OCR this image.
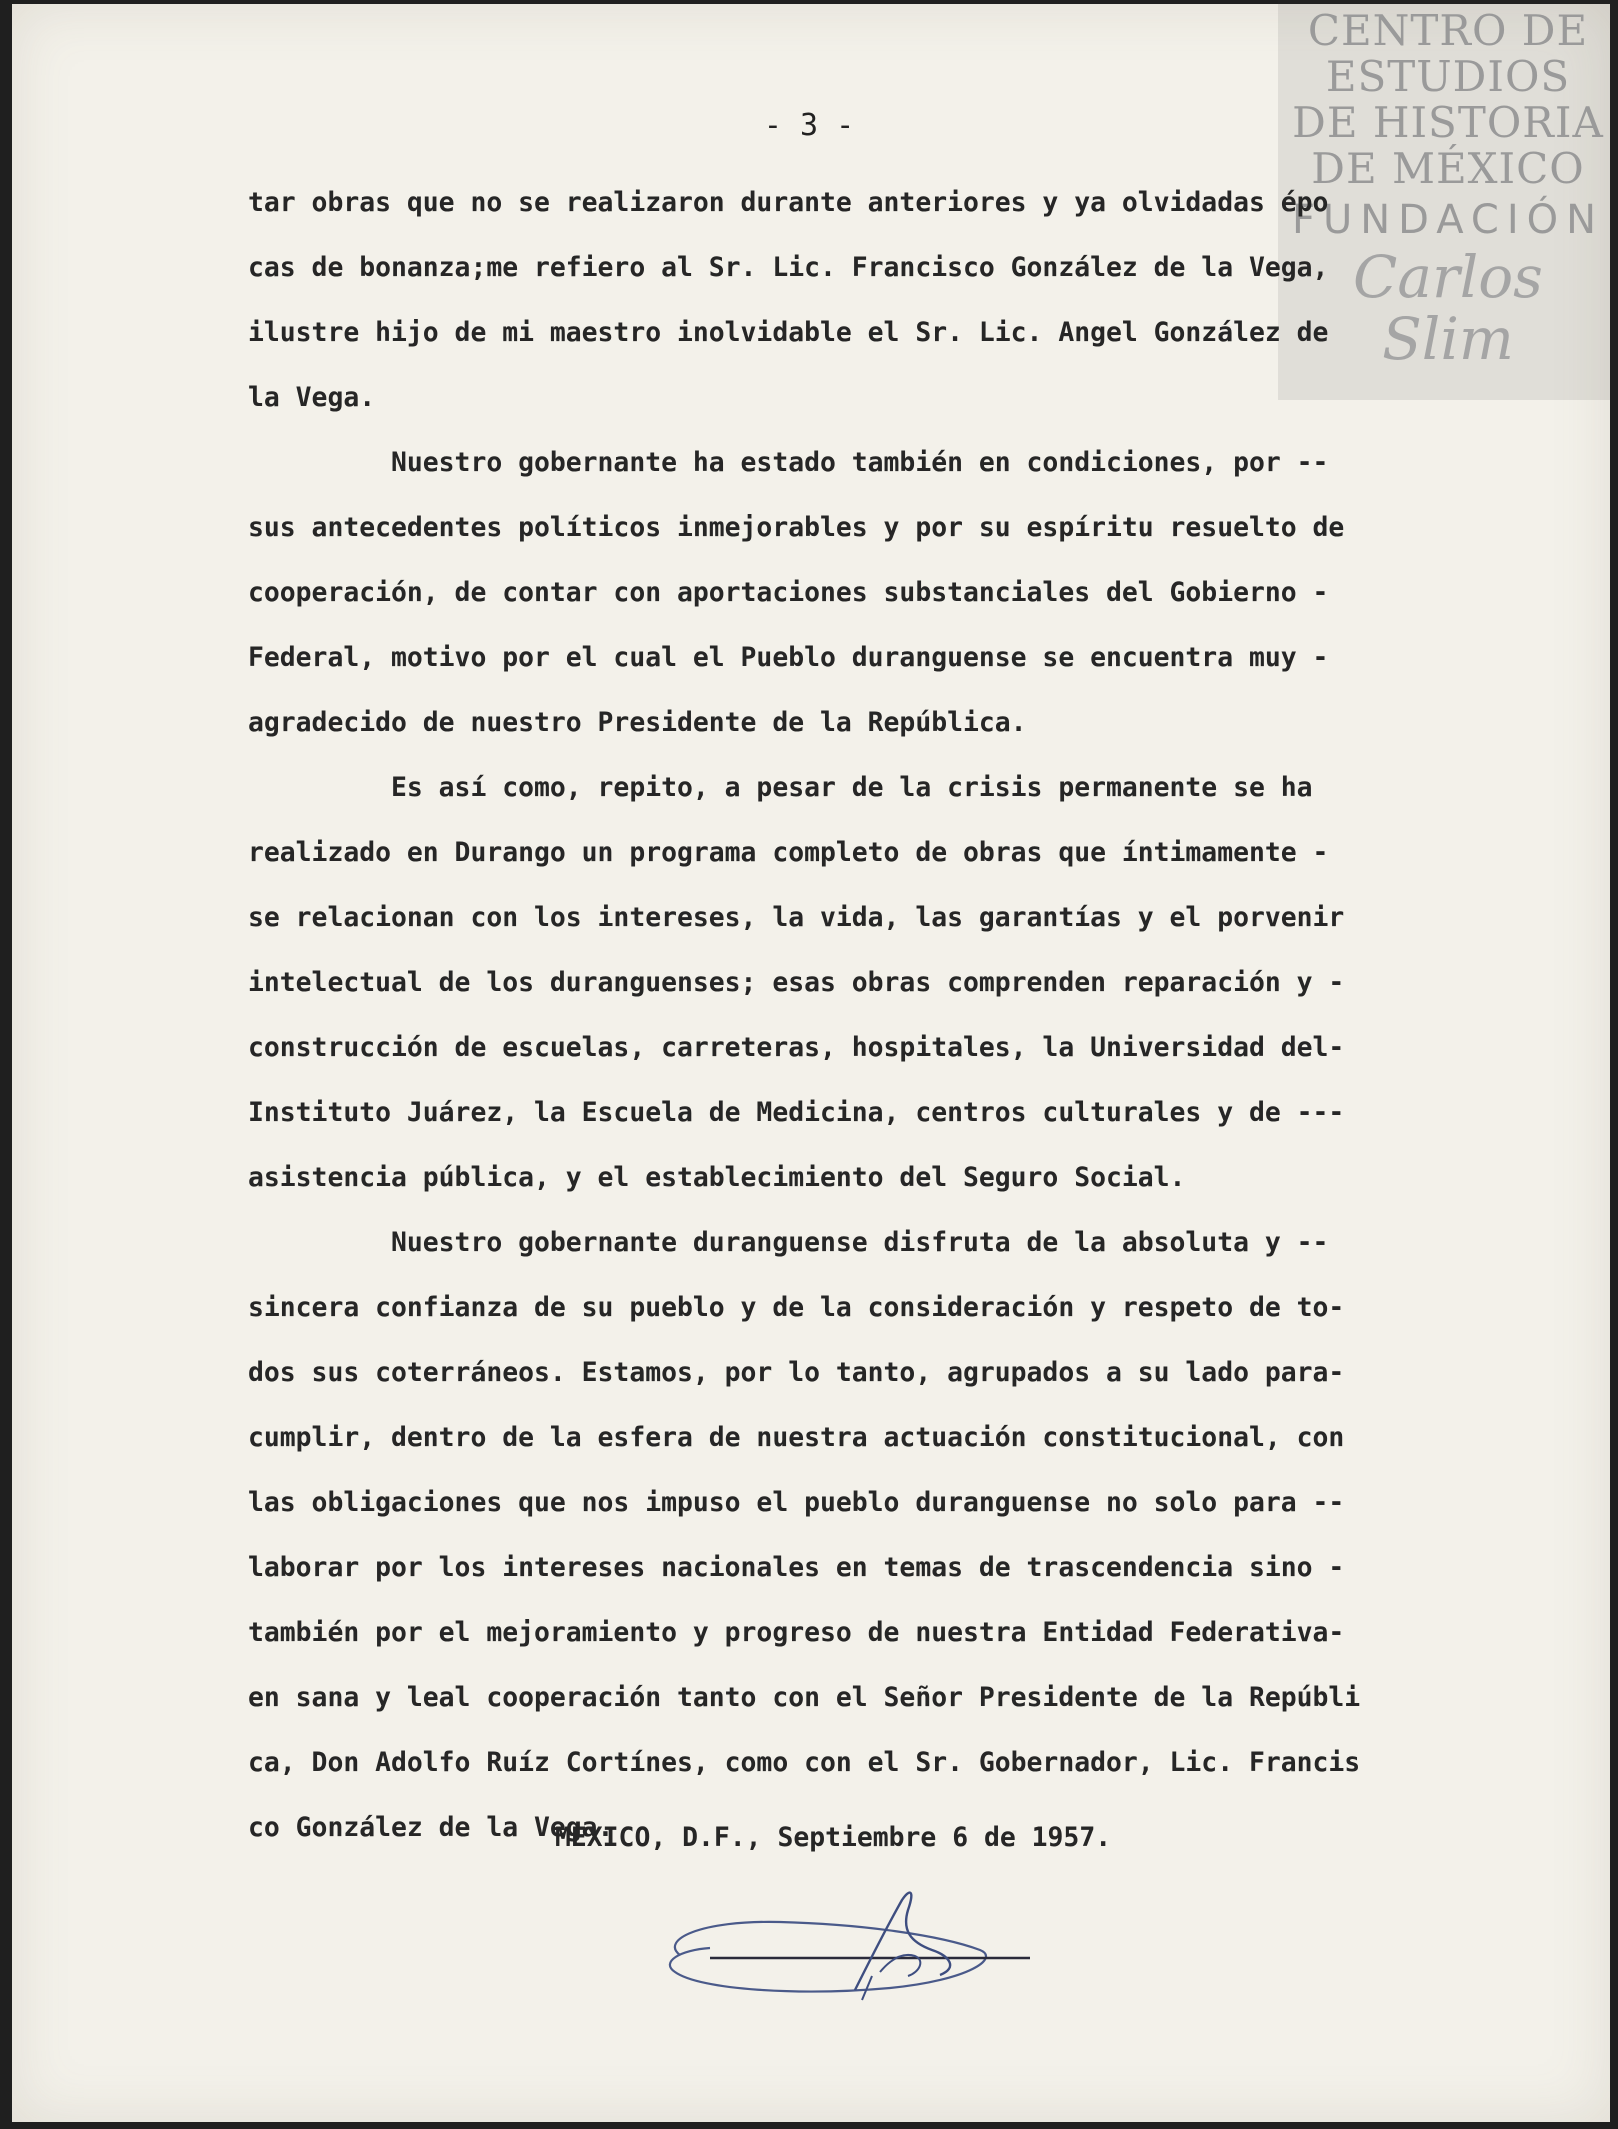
CENTRO DE
ESTUDIOS
DE HISTORIA
DE MÉXICO
FUNDACIÓN
Carlos Slim
- 3 -
tar obras que no se realizaron durante anteriores y ya olvidadas épo
cas de bonanza;me refiero al Sr. Lic. Francisco González de la Vega,
ilustre hijo de mi maestro inolvidable el Sr. Lic. Angel González de
la Vega.
Nuestro gobernante ha estado también en condiciones, por --
sus antecedentes políticos inmejorables y por su espíritu resuelto de
cooperación, de contar con aportaciones substanciales del Gobierno -
Federal, motivo por el cual el Pueblo duranguense se encuentra muy -
agradecido de nuestro Presidente de la República.
Es así como, repito, a pesar de la crisis permanente se ha
realizado en Durango un programa completo de obras que íntimamente -
se relacionan con los intereses, la vida, las garantías y el porvenir
intelectual de los duranguenses; esas obras comprenden reparación y -
construcción de escuelas, carreteras, hospitales, la Universidad del-
Instituto Juárez, la Escuela de Medicina, centros culturales y de ---
asistencia pública, y el establecimiento del Seguro Social.
Nuestro gobernante duranguense disfruta de la absoluta y --
sincera confianza de su pueblo y de la consideración y respeto de to-
dos sus coterráneos. Estamos, por lo tanto, agrupados a su lado para-
cumplir, dentro de la esfera de nuestra actuación constitucional, con
las obligaciones que nos impuso el pueblo duranguense no solo para --
laborar por los intereses nacionales en temas de trascendencia sino -
también por el mejoramiento y progreso de nuestra Entidad Federativa-
en sana y leal cooperación tanto con el Señor Presidente de la Repúbli
ca, Don Adolfo Ruíz Cortínes, como con el Sr. Gobernador, Lic. Francis
co González de la Vega.
MEXICO, D.F., Septiembre 6 de 1957.
